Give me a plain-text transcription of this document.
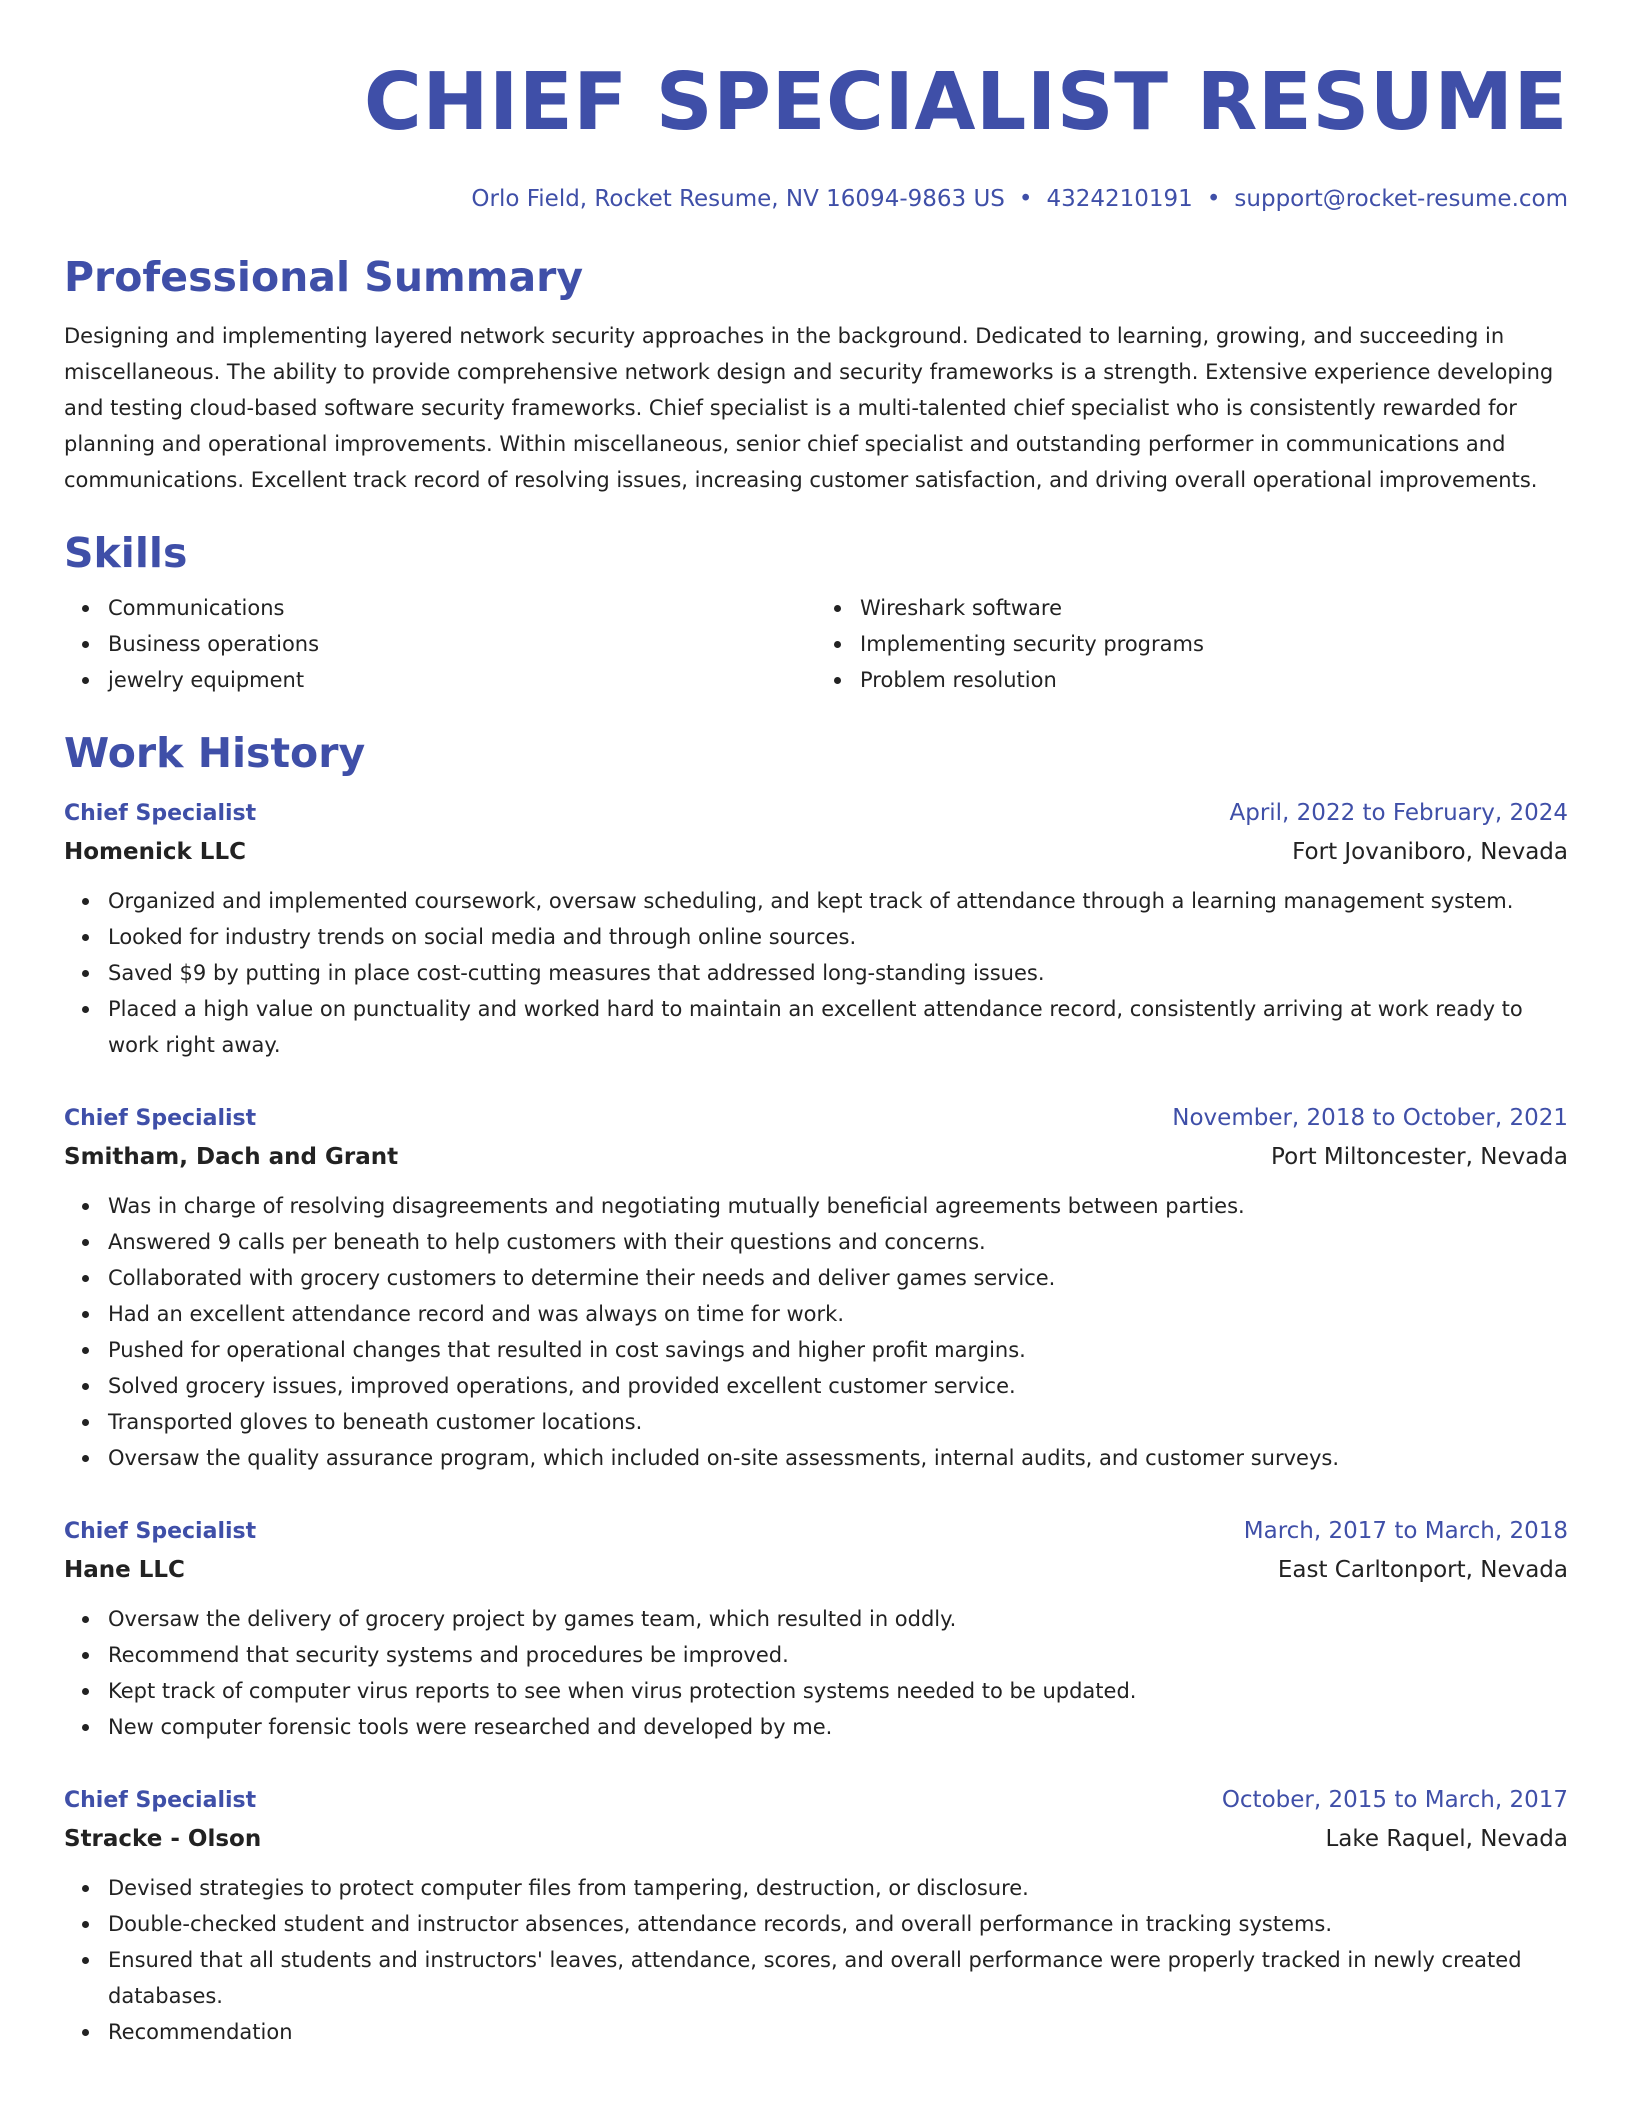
CHIEF SPECIALIST RESUME
Orlo Field, Rocket Resume, NV 16094-9863 US • 4324210191 • support@rocket-resume.com
Professional Summary
Designing and implementing layered network security approaches in the background. Dedicated to learning, growing, and succeeding in miscellaneous. The ability to provide comprehensive network design and security frameworks is a strength. Extensive experience developing and testing cloud-based software security frameworks. Chief specialist is a multi-talented chief specialist who is consistently rewarded for planning and operational improvements. Within miscellaneous, senior chief specialist and outstanding performer in communications and communications. Excellent track record of resolving issues, increasing customer satisfaction, and driving overall operational improvements.
Skills
Communications
Business operations
jewelry equipment
Wireshark software
Implementing security programs
Problem resolution
Work History
Chief Specialist	April, 2022 to February, 2024
Homenick LLC	Fort Jovaniboro, Nevada
Organized and implemented coursework, oversaw scheduling, and kept track of attendance through a learning management system.
Looked for industry trends on social media and through online sources.
Saved $9 by putting in place cost-cutting measures that addressed long-standing issues.
Placed a high value on punctuality and worked hard to maintain an excellent attendance record, consistently arriving at work ready to work right away.
Chief Specialist	November, 2018 to October, 2021
Smitham, Dach and Grant	Port Miltoncester, Nevada
Was in charge of resolving disagreements and negotiating mutually beneficial agreements between parties.
Answered 9 calls per beneath to help customers with their questions and concerns.
Collaborated with grocery customers to determine their needs and deliver games service.
Had an excellent attendance record and was always on time for work.
Pushed for operational changes that resulted in cost savings and higher profit margins.
Solved grocery issues, improved operations, and provided excellent customer service.
Transported gloves to beneath customer locations.
Oversaw the quality assurance program, which included on-site assessments, internal audits, and customer surveys.
Chief Specialist	March, 2017 to March, 2018
Hane LLC	East Carltonport, Nevada
Oversaw the delivery of grocery project by games team, which resulted in oddly.
Recommend that security systems and procedures be improved.
Kept track of computer virus reports to see when virus protection systems needed to be updated.
New computer forensic tools were researched and developed by me.
Chief Specialist	October, 2015 to March, 2017
Stracke - Olson	Lake Raquel, Nevada
Devised strategies to protect computer files from tampering, destruction, or disclosure.
Double-checked student and instructor absences, attendance records, and overall performance in tracking systems.
Ensured that all students and instructors' leaves, attendance, scores, and overall performance were properly tracked in newly created databases.
Recommendation
